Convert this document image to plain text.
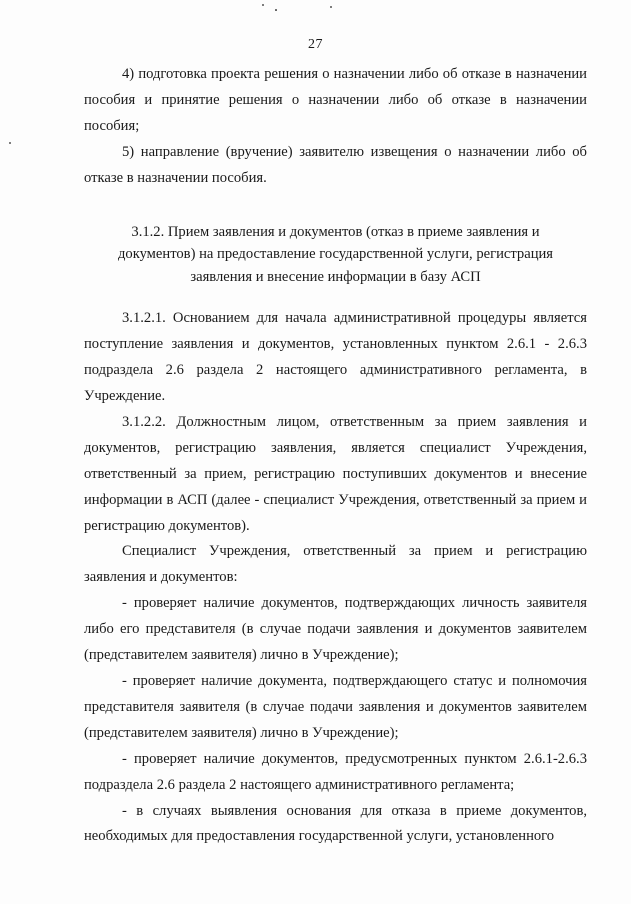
27

4) подготовка проекта решения о назначении либо об отказе в назначении пособия и принятие решения о назначении либо об отказе в назначении пособия;

5) направление (вручение) заявителю извещения о назначении либо об отказе в назначении пособия.

3.1.2. Прием заявления и документов (отказ в приеме заявления и документов) на предоставление государственной услуги, регистрация заявления и внесение информации в базу АСП

3.1.2.1. Основанием для начала административной процедуры является поступление заявления и документов, установленных пунктом 2.6.1 - 2.6.3 подраздела 2.6 раздела 2 настоящего административного регламента, в Учреждение.

3.1.2.2. Должностным лицом, ответственным за прием заявления и документов, регистрацию заявления, является специалист Учреждения, ответственный за прием, регистрацию поступивших документов и внесение информации в АСП (далее - специалист Учреждения, ответственный за прием и регистрацию документов).

Специалист Учреждения, ответственный за прием и регистрацию заявления и документов:

- проверяет наличие документов, подтверждающих личность заявителя либо его представителя (в случае подачи заявления и документов заявителем (представителем заявителя) лично в Учреждение);

- проверяет наличие документа, подтверждающего статус и полномочия представителя заявителя (в случае подачи заявления и документов заявителем (представителем заявителя) лично в Учреждение);

- проверяет наличие документов, предусмотренных пунктом 2.6.1-2.6.3 подраздела 2.6 раздела 2 настоящего административного регламента;

- в случаях выявления основания для отказа в приеме документов, необходимых для предоставления государственной услуги, установленного
